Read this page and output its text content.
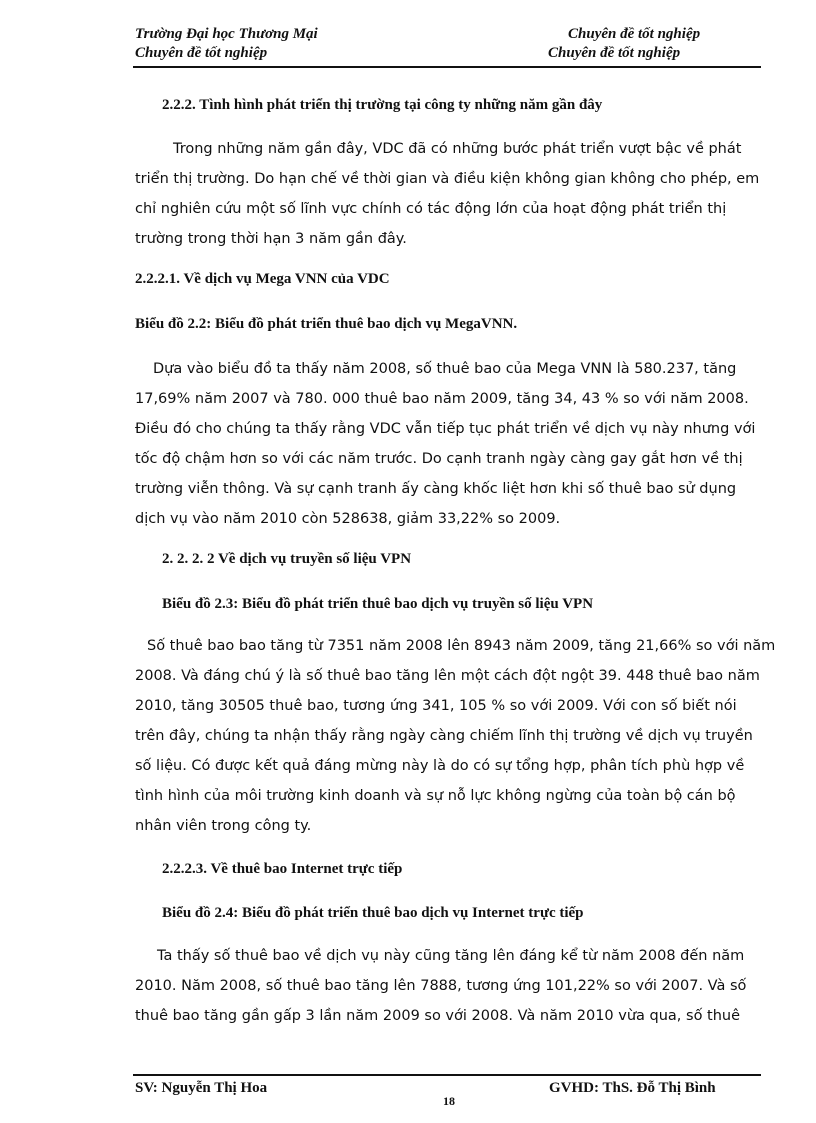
Trường Đại học Thương Mại
Chuyên đề tốt nghiệp
Chuyên đề tốt nghiệp
Chuyên đề tốt nghiệp
2.2.2. Tình hình phát triển thị trường tại công ty những năm gần đây
Trong những năm gần đây, VDC đã có những bước phát triển vượt bậc về phát
triển thị trường. Do hạn chế về thời gian và điều kiện không gian không cho phép, em
chỉ nghiên cứu một số lĩnh vực chính có tác động lớn của hoạt động phát triển thị
trường trong thời hạn 3 năm gần đây.
2.2.2.1. Về dịch vụ Mega VNN của VDC
Biểu đồ 2.2: Biểu đồ phát triển thuê bao dịch vụ MegaVNN.
Dựa vào biểu đồ ta thấy năm 2008, số thuê bao của Mega VNN là 580.237, tăng
17,69% năm 2007 và 780. 000 thuê bao năm 2009, tăng 34, 43 % so với năm 2008.
Điều đó cho chúng ta thấy rằng VDC vẫn tiếp tục phát triển về dịch vụ này nhưng với
tốc độ chậm hơn so với các năm trước. Do cạnh tranh ngày càng gay gắt hơn về thị
trường viễn thông. Và sự cạnh tranh ấy càng khốc liệt hơn khi số thuê bao sử dụng
dịch vụ vào năm 2010 còn 528638, giảm 33,22% so 2009.
2. 2. 2. 2 Về dịch vụ truyền số liệu VPN
Biểu đồ 2.3: Biểu đồ phát triển thuê bao dịch vụ truyền số liệu VPN
Số thuê bao bao tăng từ 7351 năm 2008 lên 8943 năm 2009, tăng 21,66% so với năm
2008. Và đáng chú ý là số thuê bao tăng lên một cách đột ngột 39. 448 thuê bao năm
2010, tăng 30505 thuê bao, tương ứng 341, 105 % so với 2009. Với con số biết nói
trên đây, chúng ta nhận thấy rằng ngày càng chiếm lĩnh thị trường về dịch vụ truyền
số liệu. Có được kết quả đáng mừng này là do có sự tổng hợp, phân tích phù hợp về
tình hình của môi trường kinh doanh và sự nỗ lực không ngừng của toàn bộ cán bộ
nhân viên trong công ty.
2.2.2.3. Về thuê bao Internet trực tiếp
Biểu đồ 2.4: Biểu đồ phát triển thuê bao dịch vụ Internet trực tiếp
Ta thấy số thuê bao về dịch vụ này cũng tăng lên đáng kể từ năm 2008 đến năm
2010. Năm 2008, số thuê bao tăng lên 7888, tương ứng 101,22% so với 2007. Và số
thuê bao tăng gần gấp 3 lần năm 2009 so với 2008. Và năm 2010 vừa qua, số thuê
SV: Nguyễn Thị Hoa
18
GVHD: ThS. Đỗ Thị Bình
